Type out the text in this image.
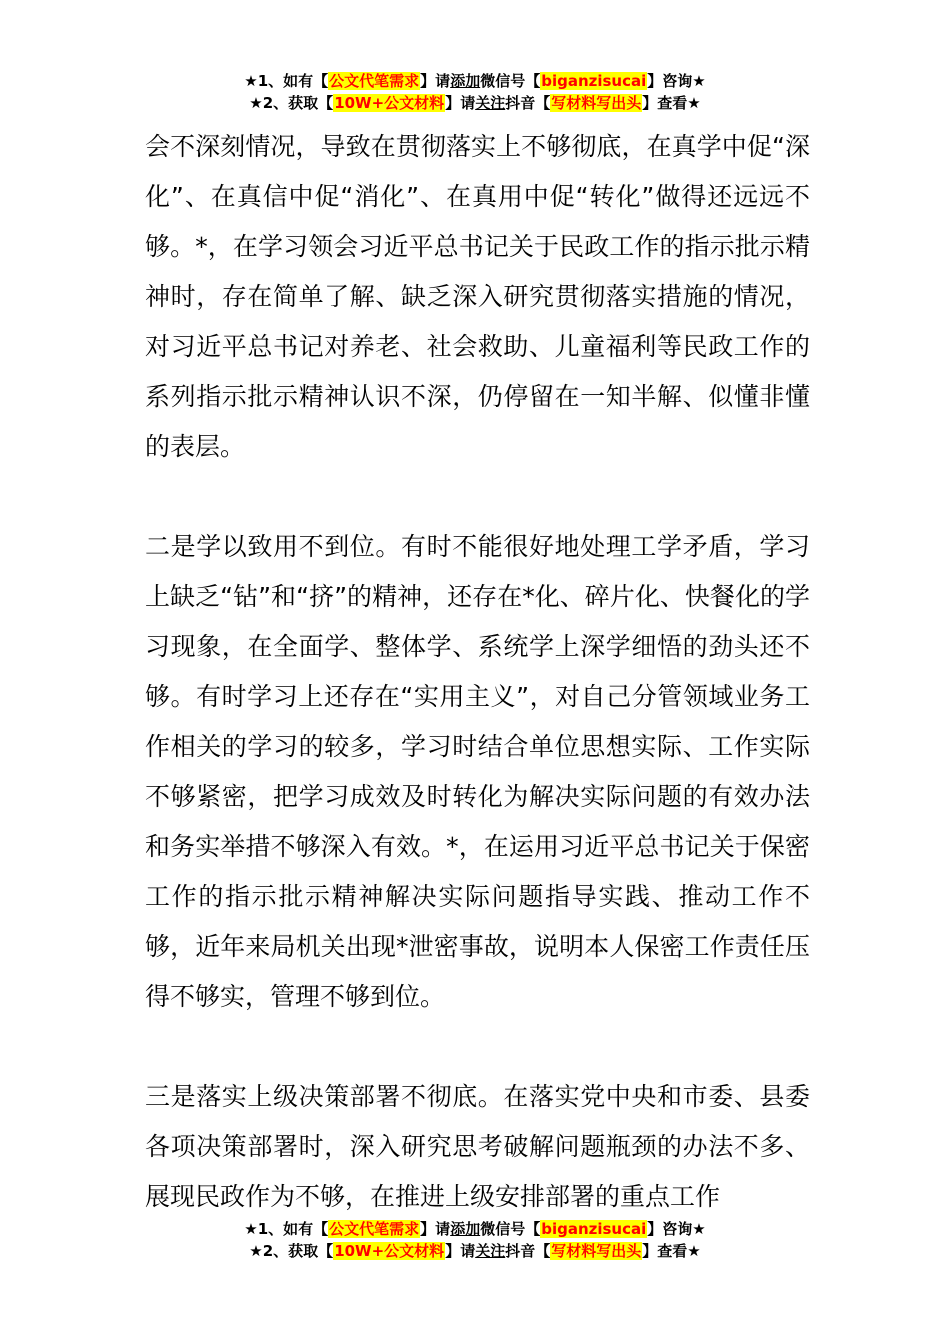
★1、如有【公文代笔需求】请添加微信号【biganzisucai】咨询★
★2、获取【10W+公文材料】请关注抖音【写材料写出头】查看★

会不深刻情况，导致在贯彻落实上不够彻底，在真学中促“深化”、在真信中促“消化”、在真用中促“转化”做得还远远不够。*，在学习领会习近平总书记关于民政工作的指示批示精神时，存在简单了解、缺乏深入研究贯彻落实措施的情况，对习近平总书记对养老、社会救助、儿童福利等民政工作的系列指示批示精神认识不深，仍停留在一知半解、似懂非懂的表层。

二是学以致用不到位。有时不能很好地处理工学矛盾，学习上缺乏“钻”和“挤”的精神，还存在*化、碎片化、快餐化的学习现象，在全面学、整体学、系统学上深学细悟的劲头还不够。有时学习上还存在“实用主义”，对自己分管领域业务工作相关的学习的较多，学习时结合单位思想实际、工作实际不够紧密，把学习成效及时转化为解决实际问题的有效办法和务实举措不够深入有效。*，在运用习近平总书记关于保密工作的指示批示精神解决实际问题指导实践、推动工作不够，近年来局机关出现*泄密事故，说明本人保密工作责任压得不够实，管理不够到位。

三是落实上级决策部署不彻底。在落实党中央和市委、县委各项决策部署时，深入研究思考破解问题瓶颈的办法不多、展现民政作为不够，在推进上级安排部署的重点工作

★1、如有【公文代笔需求】请添加微信号【biganzisucai】咨询★
★2、获取【10W+公文材料】请关注抖音【写材料写出头】查看★
